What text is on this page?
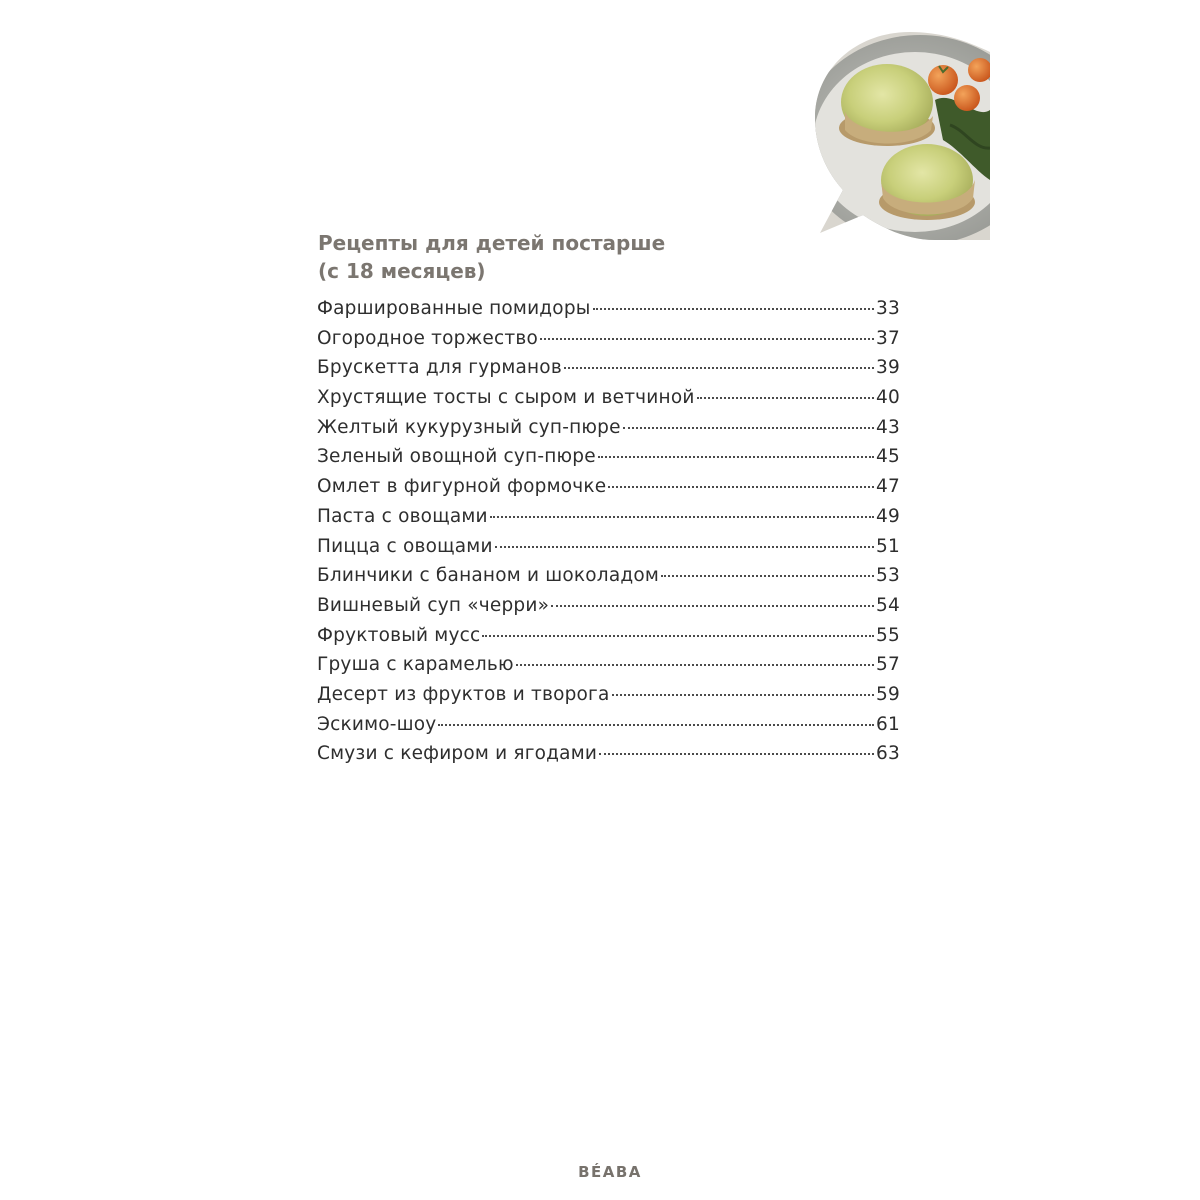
Рецепты для детей постарше
(с 18 месяцев)
Фаршированные помидоры	33
Огородное торжество	37
Брускетта для гурманов	39
Хрустящие тосты с сыром и ветчиной	40
Желтый кукурузный суп-пюре	43
Зеленый овощной суп-пюре	45
Омлет в фигурной формочке	47
Паста с овощами	49
Пицца с овощами	51
Блинчики с бананом и шоколадом	53
Вишневый суп «черри»	54
Фруктовый мусс	55
Груша с карамелью	57
Десерт из фруктов и творога	59
Эскимо-шоу	61
Смузи с кефиром и ягодами	63

BÉABA
